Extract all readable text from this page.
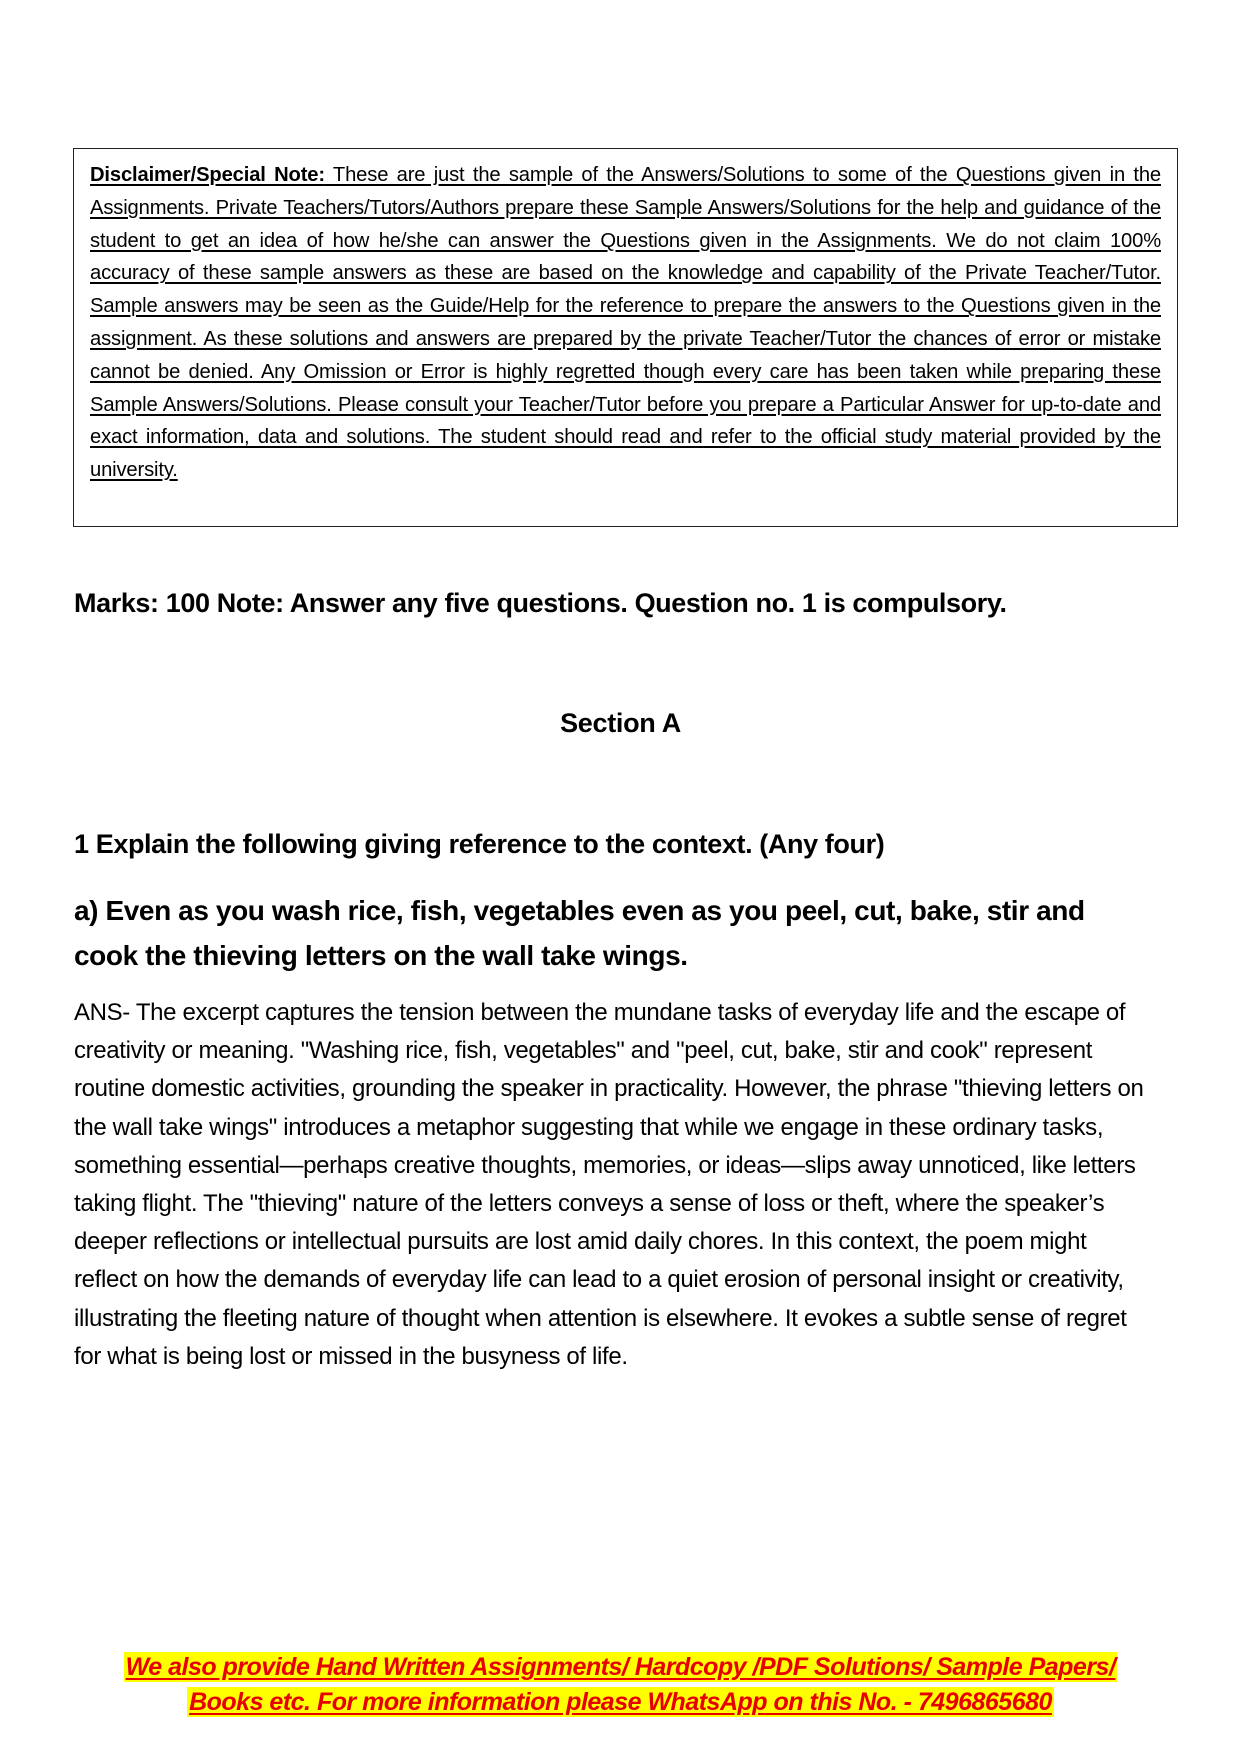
Disclaimer/Special Note: These are just the sample of the Answers/Solutions to some of the Questions given in the Assignments. Private Teachers/Tutors/Authors prepare these Sample Answers/Solutions for the help and guidance of the student to get an idea of how he/she can answer the Questions given in the Assignments. We do not claim 100% accuracy of these sample answers as these are based on the knowledge and capability of the Private Teacher/Tutor. Sample answers may be seen as the Guide/Help for the reference to prepare the answers to the Questions given in the assignment. As these solutions and answers are prepared by the private Teacher/Tutor the chances of error or mistake cannot be denied. Any Omission or Error is highly regretted though every care has been taken while preparing these Sample Answers/Solutions. Please consult your Teacher/Tutor before you prepare a Particular Answer for up-to-date and exact information, data and solutions. The student should read and refer to the official study material provided by the university.
Marks: 100 Note: Answer any five questions. Question no. 1 is compulsory.
Section A
1 Explain the following giving reference to the context. (Any four)
a) Even as you wash rice, fish, vegetables even as you peel, cut, bake, stir and cook the thieving letters on the wall take wings.
ANS- The excerpt captures the tension between the mundane tasks of everyday life and the escape of creativity or meaning. "Washing rice, fish, vegetables" and "peel, cut, bake, stir and cook" represent routine domestic activities, grounding the speaker in practicality. However, the phrase "thieving letters on the wall take wings" introduces a metaphor suggesting that while we engage in these ordinary tasks, something essential—perhaps creative thoughts, memories, or ideas—slips away unnoticed, like letters taking flight. The "thieving" nature of the letters conveys a sense of loss or theft, where the speaker’s deeper reflections or intellectual pursuits are lost amid daily chores. In this context, the poem might reflect on how the demands of everyday life can lead to a quiet erosion of personal insight or creativity, illustrating the fleeting nature of thought when attention is elsewhere. It evokes a subtle sense of regret for what is being lost or missed in the busyness of life.
We also provide Hand Written Assignments/ Hardcopy /PDF Solutions/ Sample Papers/
Books etc. For more information please WhatsApp on this No. - 7496865680
